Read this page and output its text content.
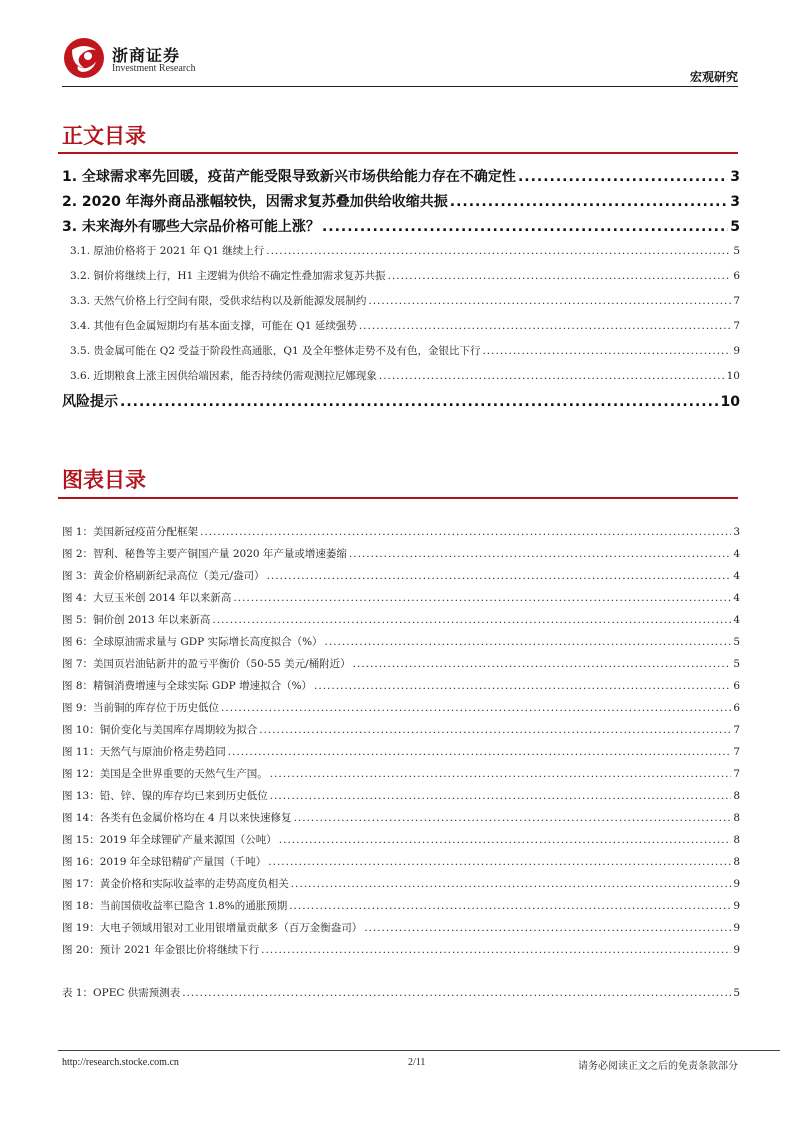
浙商证券
Investment Research
宏观研究
正文目录
1. 全球需求率先回暖，疫苗产能受限导致新兴市场供给能力存在不确定性 .....	3
2. 2020 年海外商品涨幅较快，因需求复苏叠加供给收缩共振 .....	3
3. 未来海外有哪些大宗品价格可能上涨？ .....	5
3.1. 原油价格将于 2021 年 Q1 继续上行 .....	5
3.2. 铜价将继续上行，H1 主逻辑为供给不确定性叠加需求复苏共振 .....	6
3.3. 天然气价格上行空间有限，受供求结构以及新能源发展制约 .....	7
3.4. 其他有色金属短期均有基本面支撑，可能在 Q1 延续强势 .....	7
3.5. 贵金属可能在 Q2 受益于阶段性高通胀，Q1 及全年整体走势不及有色，金银比下行 .....	9
3.6. 近期粮食上涨主因供给端因素，能否持续仍需观测拉尼娜现象 .....	10
风险提示 .....	10
图表目录
图 1：美国新冠疫苗分配框架 .....	3
图 2：智利、秘鲁等主要产铜国产量 2020 年产量或增速萎缩 .....	4
图 3：黄金价格刷新纪录高位（美元/盎司） .....	4
图 4：大豆玉米创 2014 年以来新高 .....	4
图 5：铜价创 2013 年以来新高 .....	4
图 6：全球原油需求量与 GDP 实际增长高度拟合（%） .....	5
图 7：美国页岩油钻新井的盈亏平衡价（50-55 美元/桶附近） .....	5
图 8：精铜消费增速与全球实际 GDP 增速拟合（%） .....	6
图 9：当前铜的库存位于历史低位 .....	6
图 10：铜价变化与美国库存周期较为拟合 .....	7
图 11：天然气与原油价格走势趋同 .....	7
图 12：美国是全世界重要的天然气生产国。 .....	7
图 13：铅、锌、镍的库存均已来到历史低位 .....	8
图 14：各类有色金属价格均在 4 月以来快速修复 .....	8
图 15：2019 年全球锂矿产量来源国（公吨） .....	8
图 16：2019 年全球铅精矿产量国（千吨） .....	8
图 17：黄金价格和实际收益率的走势高度负相关 .....	9
图 18：当前国债收益率已隐含 1.8%的通胀预期 .....	9
图 19：大电子领域用银对工业用银增量贡献多（百万金衡盎司） .....	9
图 20：预计 2021 年金银比价将继续下行 .....	9
表 1：OPEC 供需预测表 .....	5
http://research.stocke.com.cn	2/11	请务必阅读正文之后的免责条款部分
